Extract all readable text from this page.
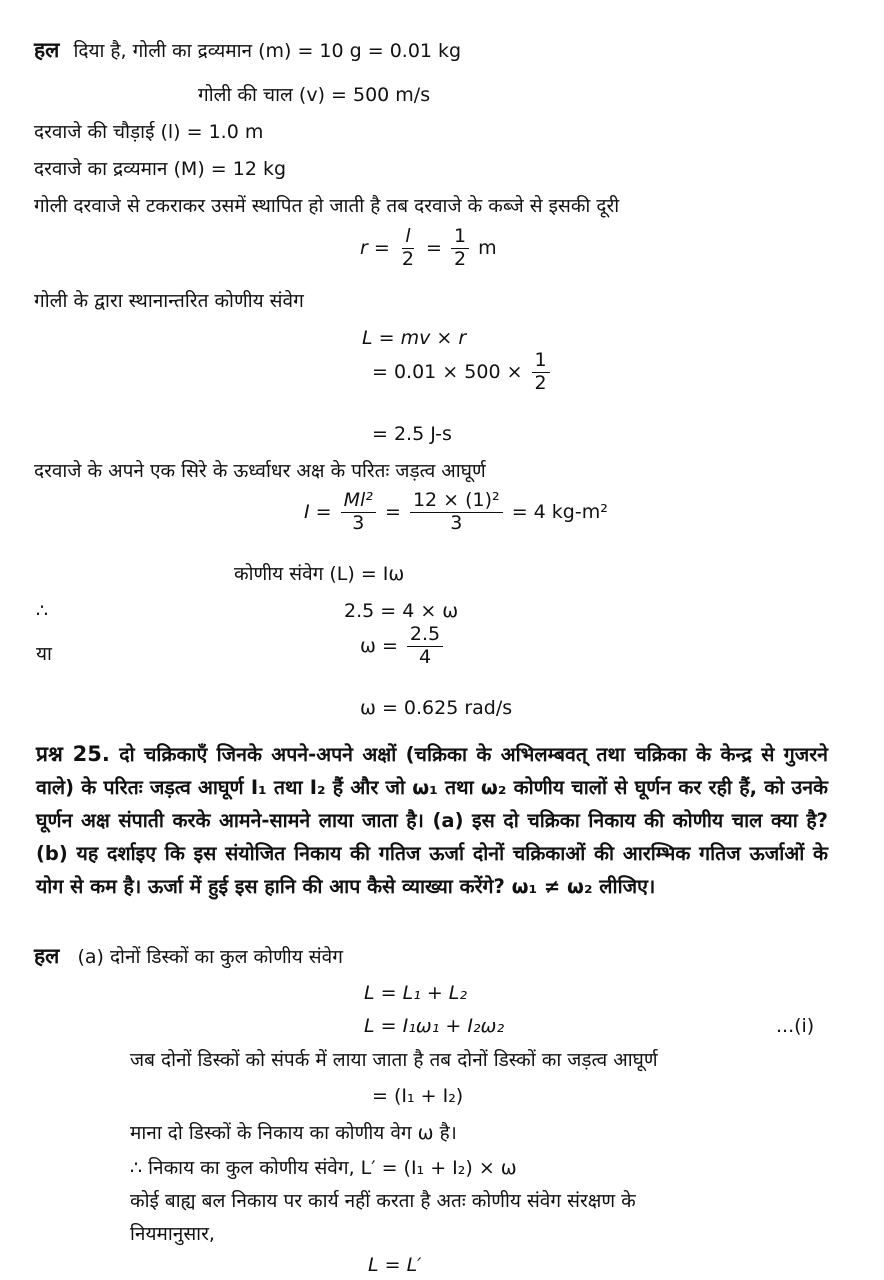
हल दिया है, गोली का द्रव्यमान (m) = 10 g = 0.01 kg
गोली की चाल (v) = 500 m/s
दरवाजे की चौड़ाई (l) = 1.0 m
दरवाजे का द्रव्यमान (M) = 12 kg
गोली दरवाजे से टकराकर उसमें स्थापित हो जाती है तब दरवाजे के कब्जे से इसकी दूरी
$r = \frac{l}{2} = \frac{1}{2}$ m
गोली के द्वारा स्थानान्तरित कोणीय संवेग
L = mv × r
= $0.01 \times 500 \times \frac{1}{2}$
= 2.5 J-s
दरवाजे के अपने एक सिरे के ऊर्ध्वाधर अक्ष के परितः जड़त्व आघूर्ण
$I = \frac{\text{Ml²}}{3} = \frac{\text{12 × (1)²}}{3} = 4$ kg-m²
कोणीय संवेग (L) = Iω
∴	2.5 = 4 × ω
या	$\omega = \frac{2.5}{4}$
ω = 0.625 rad/s
प्रश्न 25. दो चक्रिकाएँ जिनके अपने-अपने अक्षों (चक्रिका के अभिलम्बवत् तथा चक्रिका के केन्द्र से गुजरने वाले) के परितः जड़त्व आघूर्ण I₁ तथा I₂ हैं और जो ω₁ तथा ω₂ कोणीय चालों से घूर्णन कर रही हैं, को उनके घूर्णन अक्ष संपाती करके आमने-सामने लाया जाता है। (a) इस दो चक्रिका निकाय की कोणीय चाल क्या है? (b) यह दर्शाइए कि इस संयोजित निकाय की गतिज ऊर्जा दोनों चक्रिकाओं की आरम्भिक गतिज ऊर्जाओं के योग से कम है। ऊर्जा में हुई इस हानि की आप कैसे व्याख्या करेंगे? ω₁ ≠ ω₂ लीजिए।
हल (a) दोनों डिस्कों का कुल कोणीय संवेग
L = L₁ + L₂
L = I₁ω₁ + I₂ω₂	...(i)
जब दोनों डिस्कों को संपर्क में लाया जाता है तब दोनों डिस्कों का जड़त्व आघूर्ण
= (I₁ + I₂)
माना दो डिस्कों के निकाय का कोणीय वेग ω है।
∴ निकाय का कुल कोणीय संवेग, L′ = (I₁ + I₂) × ω
कोई बाह्य बल निकाय पर कार्य नहीं करता है अतः कोणीय संवेग संरक्षण के
नियमानुसार,
L = L′
